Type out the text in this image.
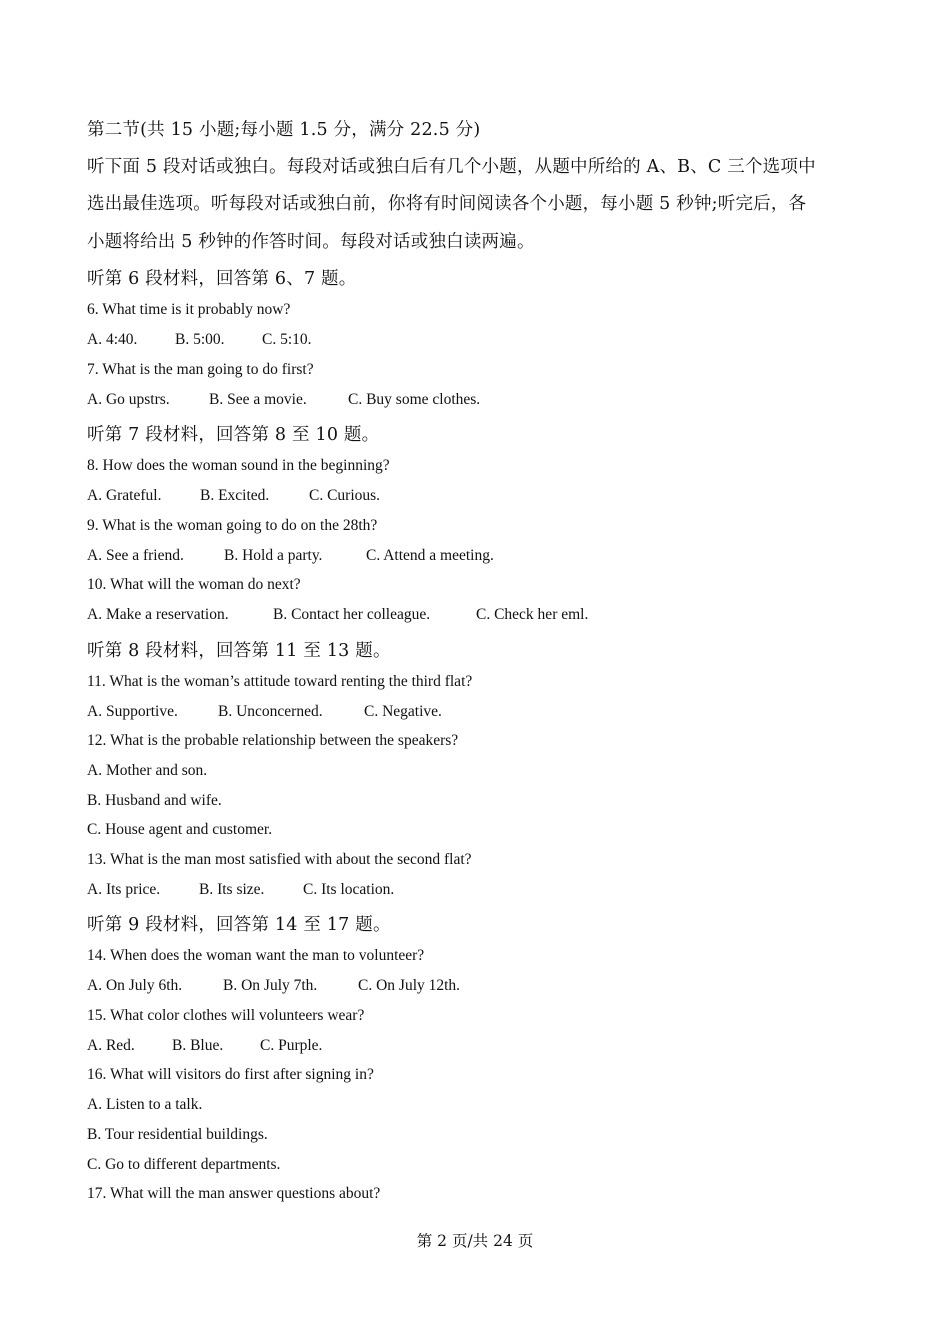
第二节(共 15 小题;每小题 1.5 分，满分 22.5 分)
听下面 5 段对话或独白。每段对话或独白后有几个小题，从题中所给的 A、B、C 三个选项中
选出最佳选项。听每段对话或独白前，你将有时间阅读各个小题，每小题 5 秒钟;听完后，各
小题将给出 5 秒钟的作答时间。每段对话或独白读两遍。
听第 6 段材料，回答第 6、7 题。
6. What time is it probably now?
A. 4:40. B. 5:00. C. 5:10.
7. What is the man going to do first?
A. Go upstrs.	B. See a movie.	C. Buy some clothes.
听第 7 段材料，回答第 8 至 10 题。
8. How does the woman sound in the beginning?
A. Grateful. B. Excited.	C. Curious.
9. What is the woman going to do on the 28th?
A. See a friend.	B. Hold a party.	C. Attend a meeting.
10. What will the woman do next?
A. Make a reservation.	B. Contact her colleague.	C. Check her eml.
听第 8 段材料，回答第 11 至 13 题。
11. What is the woman’s attitude toward renting the third flat?
A. Supportive.	B. Unconcerned.	C. Negative.
12. What is the probable relationship between the speakers?
A. Mother and son.
B. Husband and wife.
C. House agent and customer.
13. What is the man most satisfied with about the second flat?
A. Its price.	B. Its size. C. Its location.
听第 9 段材料，回答第 14 至 17 题。
14. When does the woman want the man to volunteer?
A. On July 6th.	B. On July 7th.	C. On July 12th.
15. What color clothes will volunteers wear?
A. Red. B. Blue. C. Purple.
16. What will visitors do first after signing in?
A. Listen to a talk.
B. Tour residential buildings.
C. Go to different departments.
17. What will the man answer questions about?
第 2 页/共 24 页
